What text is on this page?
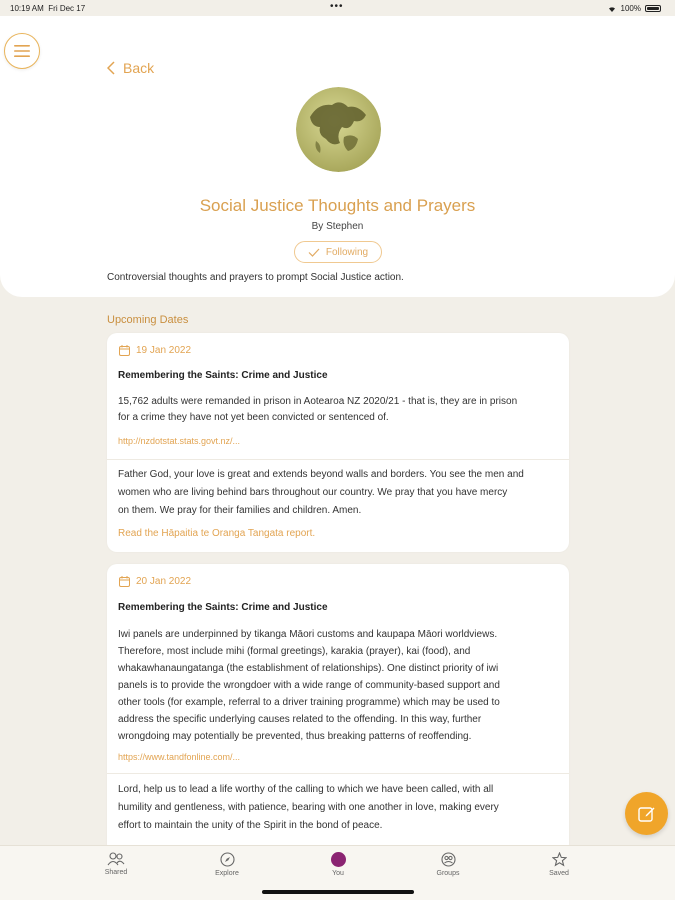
10:19 AM Fri Dec 17	•••	100%
Back
Social Justice Thoughts and Prayers
By Stephen
Following
Controversial thoughts and prayers to prompt Social Justice action.
Upcoming Dates
19 Jan 2022
Remembering the Saints: Crime and Justice
15,762 adults were remanded in prison in Aotearoa NZ 2020/21 - that is, they are in prison
for a crime they have not yet been convicted or sentenced of.
http://nzdotstat.stats.govt.nz/...
Father God, your love is great and extends beyond walls and borders. You see the men and
women who are living behind bars throughout our country. We pray that you have mercy
on them. We pray for their families and children. Amen.
Read the Hāpaitia te Oranga Tangata report.
20 Jan 2022
Remembering the Saints: Crime and Justice
Iwi panels are underpinned by tikanga Māori customs and kaupapa Māori worldviews.
Therefore, most include mihi (formal greetings), karakia (prayer), kai (food), and
whakawhanaungatanga (the establishment of relationships). One distinct priority of iwi
panels is to provide the wrongdoer with a wide range of community-based support and
other tools (for example, referral to a driver training programme) which may be used to
address the specific underlying causes related to the offending. In this way, further
wrongdoing may potentially be prevented, thus breaking patterns of reoffending.
https://www.tandfonline.com/...
Lord, help us to lead a life worthy of the calling to which we have been called, with all
humility and gentleness, with patience, bearing with one another in love, making every
effort to maintain the unity of the Spirit in the bond of peace.
Shared	Explore	You	Groups	Saved
